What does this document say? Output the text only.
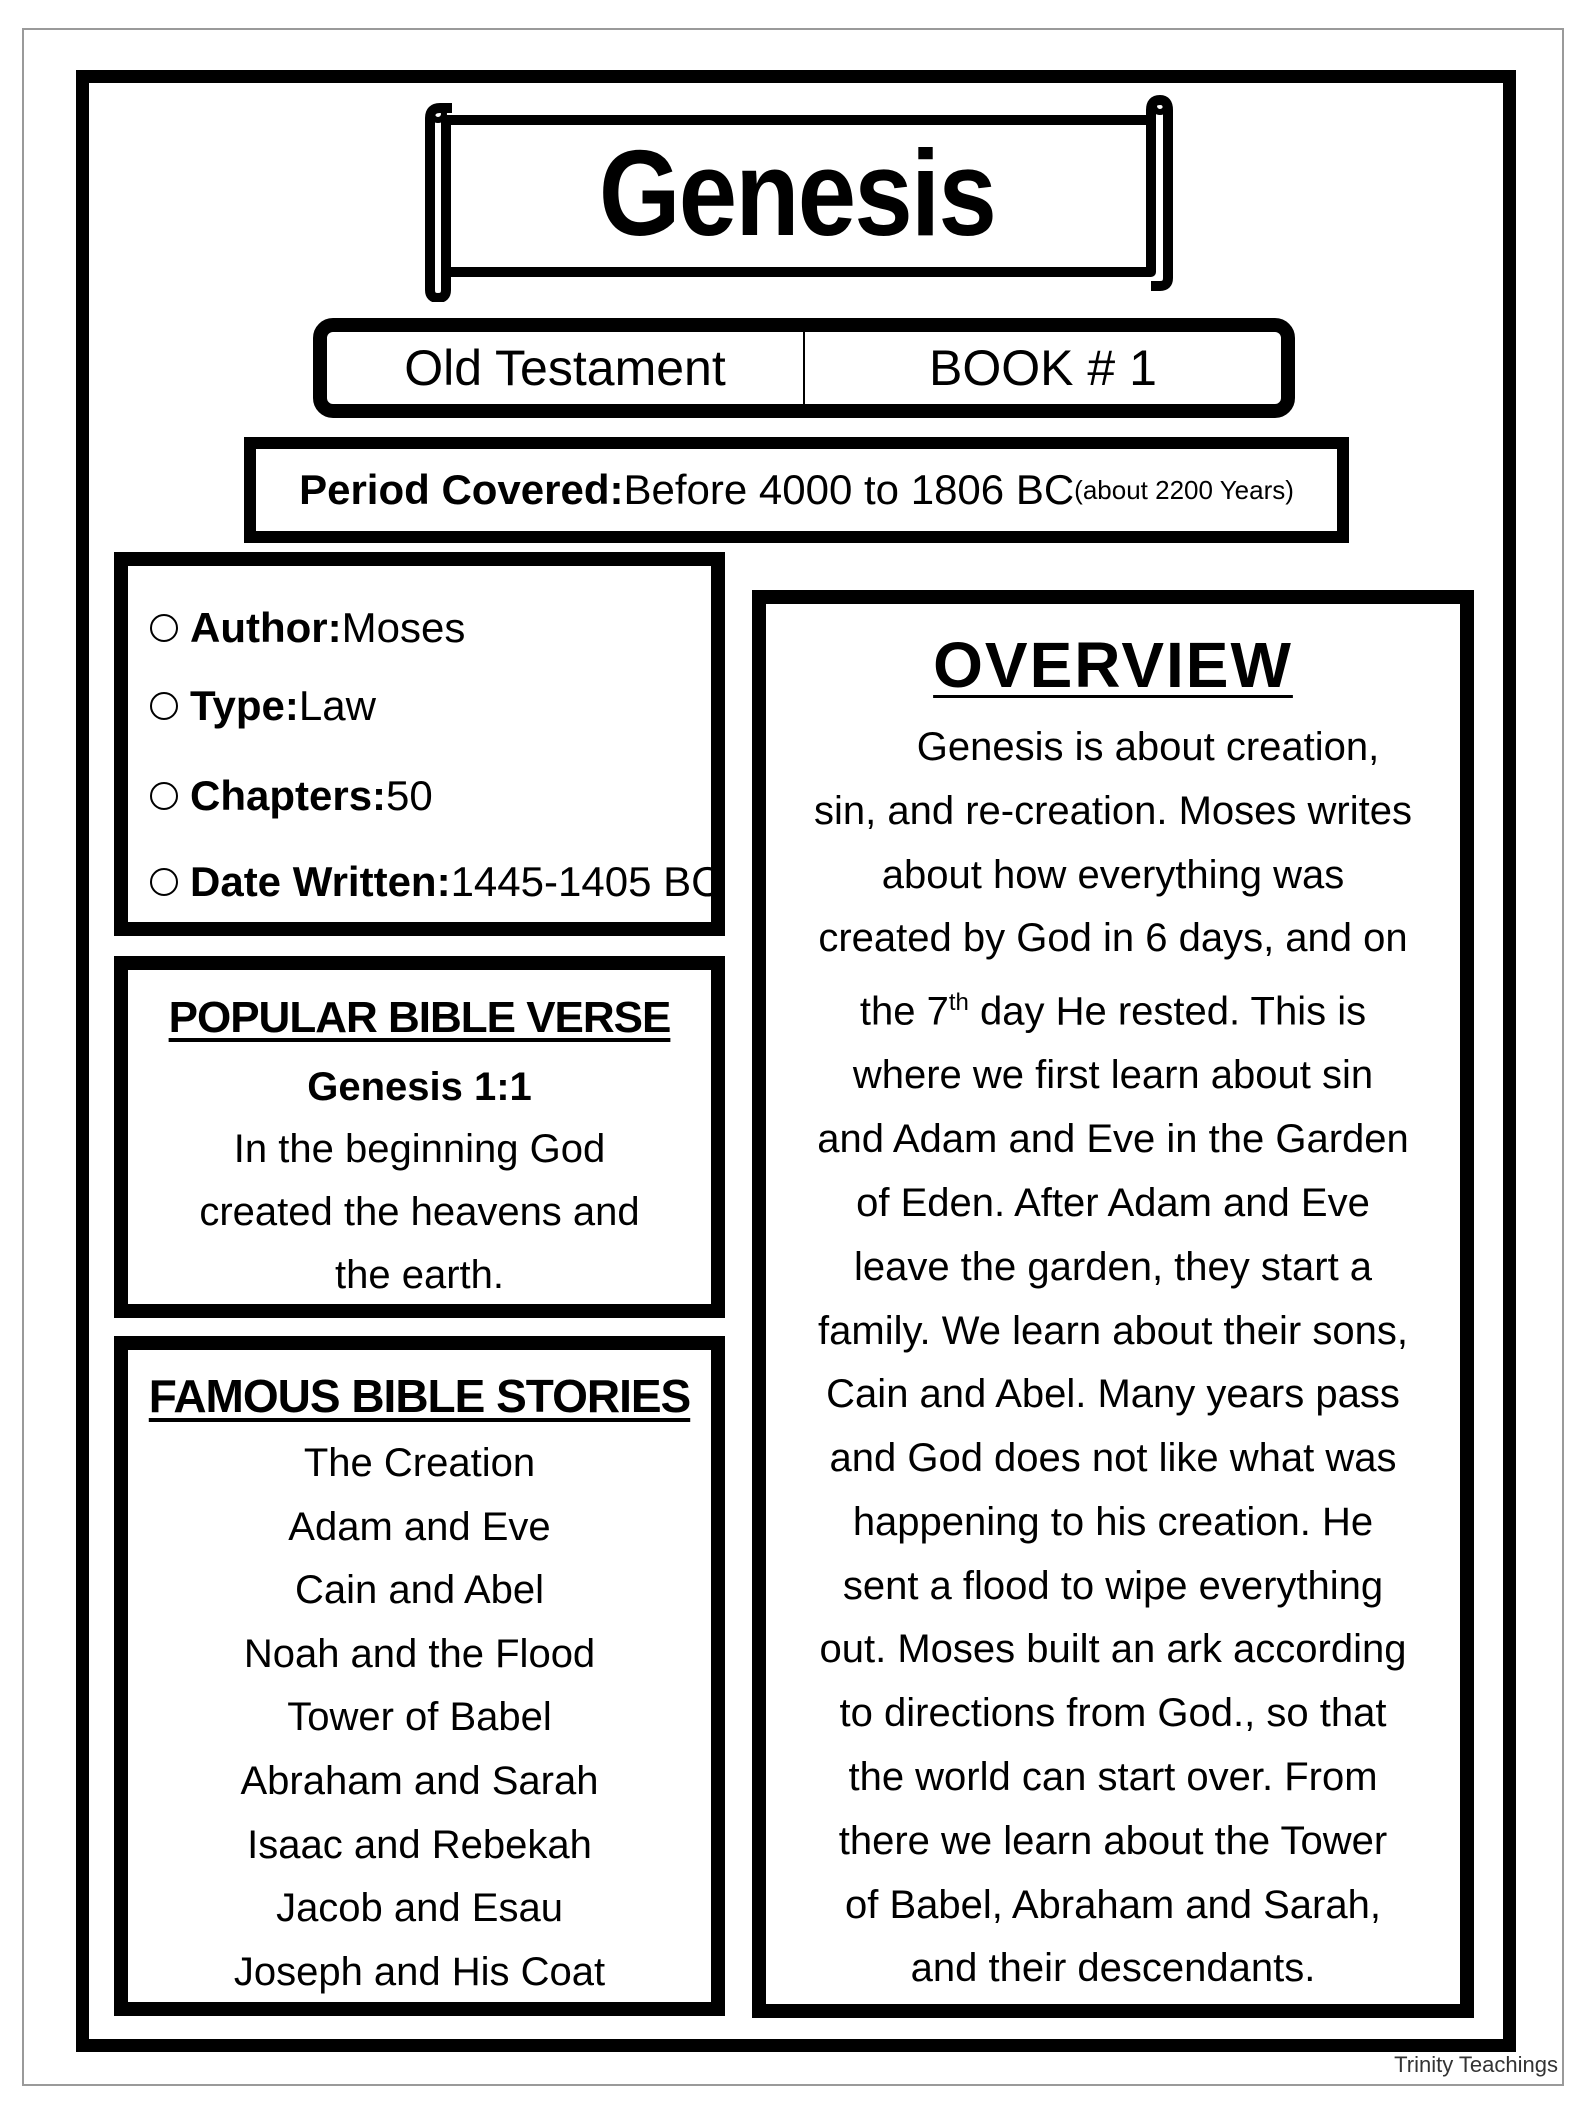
Genesis
Old Testament	BOOK # 1
Period Covered: Before 4000 to 1806 BC (about 2200 Years)
Author: Moses
Type: Law
Chapters: 50
Date Written: 1445-1405 BC
POPULAR BIBLE VERSE
Genesis 1:1
In the beginning God
created the heavens and
the earth.
FAMOUS BIBLE STORIES
The Creation
Adam and Eve
Cain and Abel
Noah and the Flood
Tower of Babel
Abraham and Sarah
Isaac and Rebekah
Jacob and Esau
Joseph and His Coat
OVERVIEW
Genesis is about creation,
sin, and re-creation. Moses writes
about how everything was
created by God in 6 days, and on
the 7th day He rested. This is
where we first learn about sin
and Adam and Eve in the Garden
of Eden. After Adam and Eve
leave the garden, they start a
family. We learn about their sons,
Cain and Abel. Many years pass
and God does not like what was
happening to his creation. He
sent a flood to wipe everything
out. Moses built an ark according
to directions from God., so that
the world can start over. From
there we learn about the Tower
of Babel, Abraham and Sarah,
and their descendants.
Trinity Teachings
